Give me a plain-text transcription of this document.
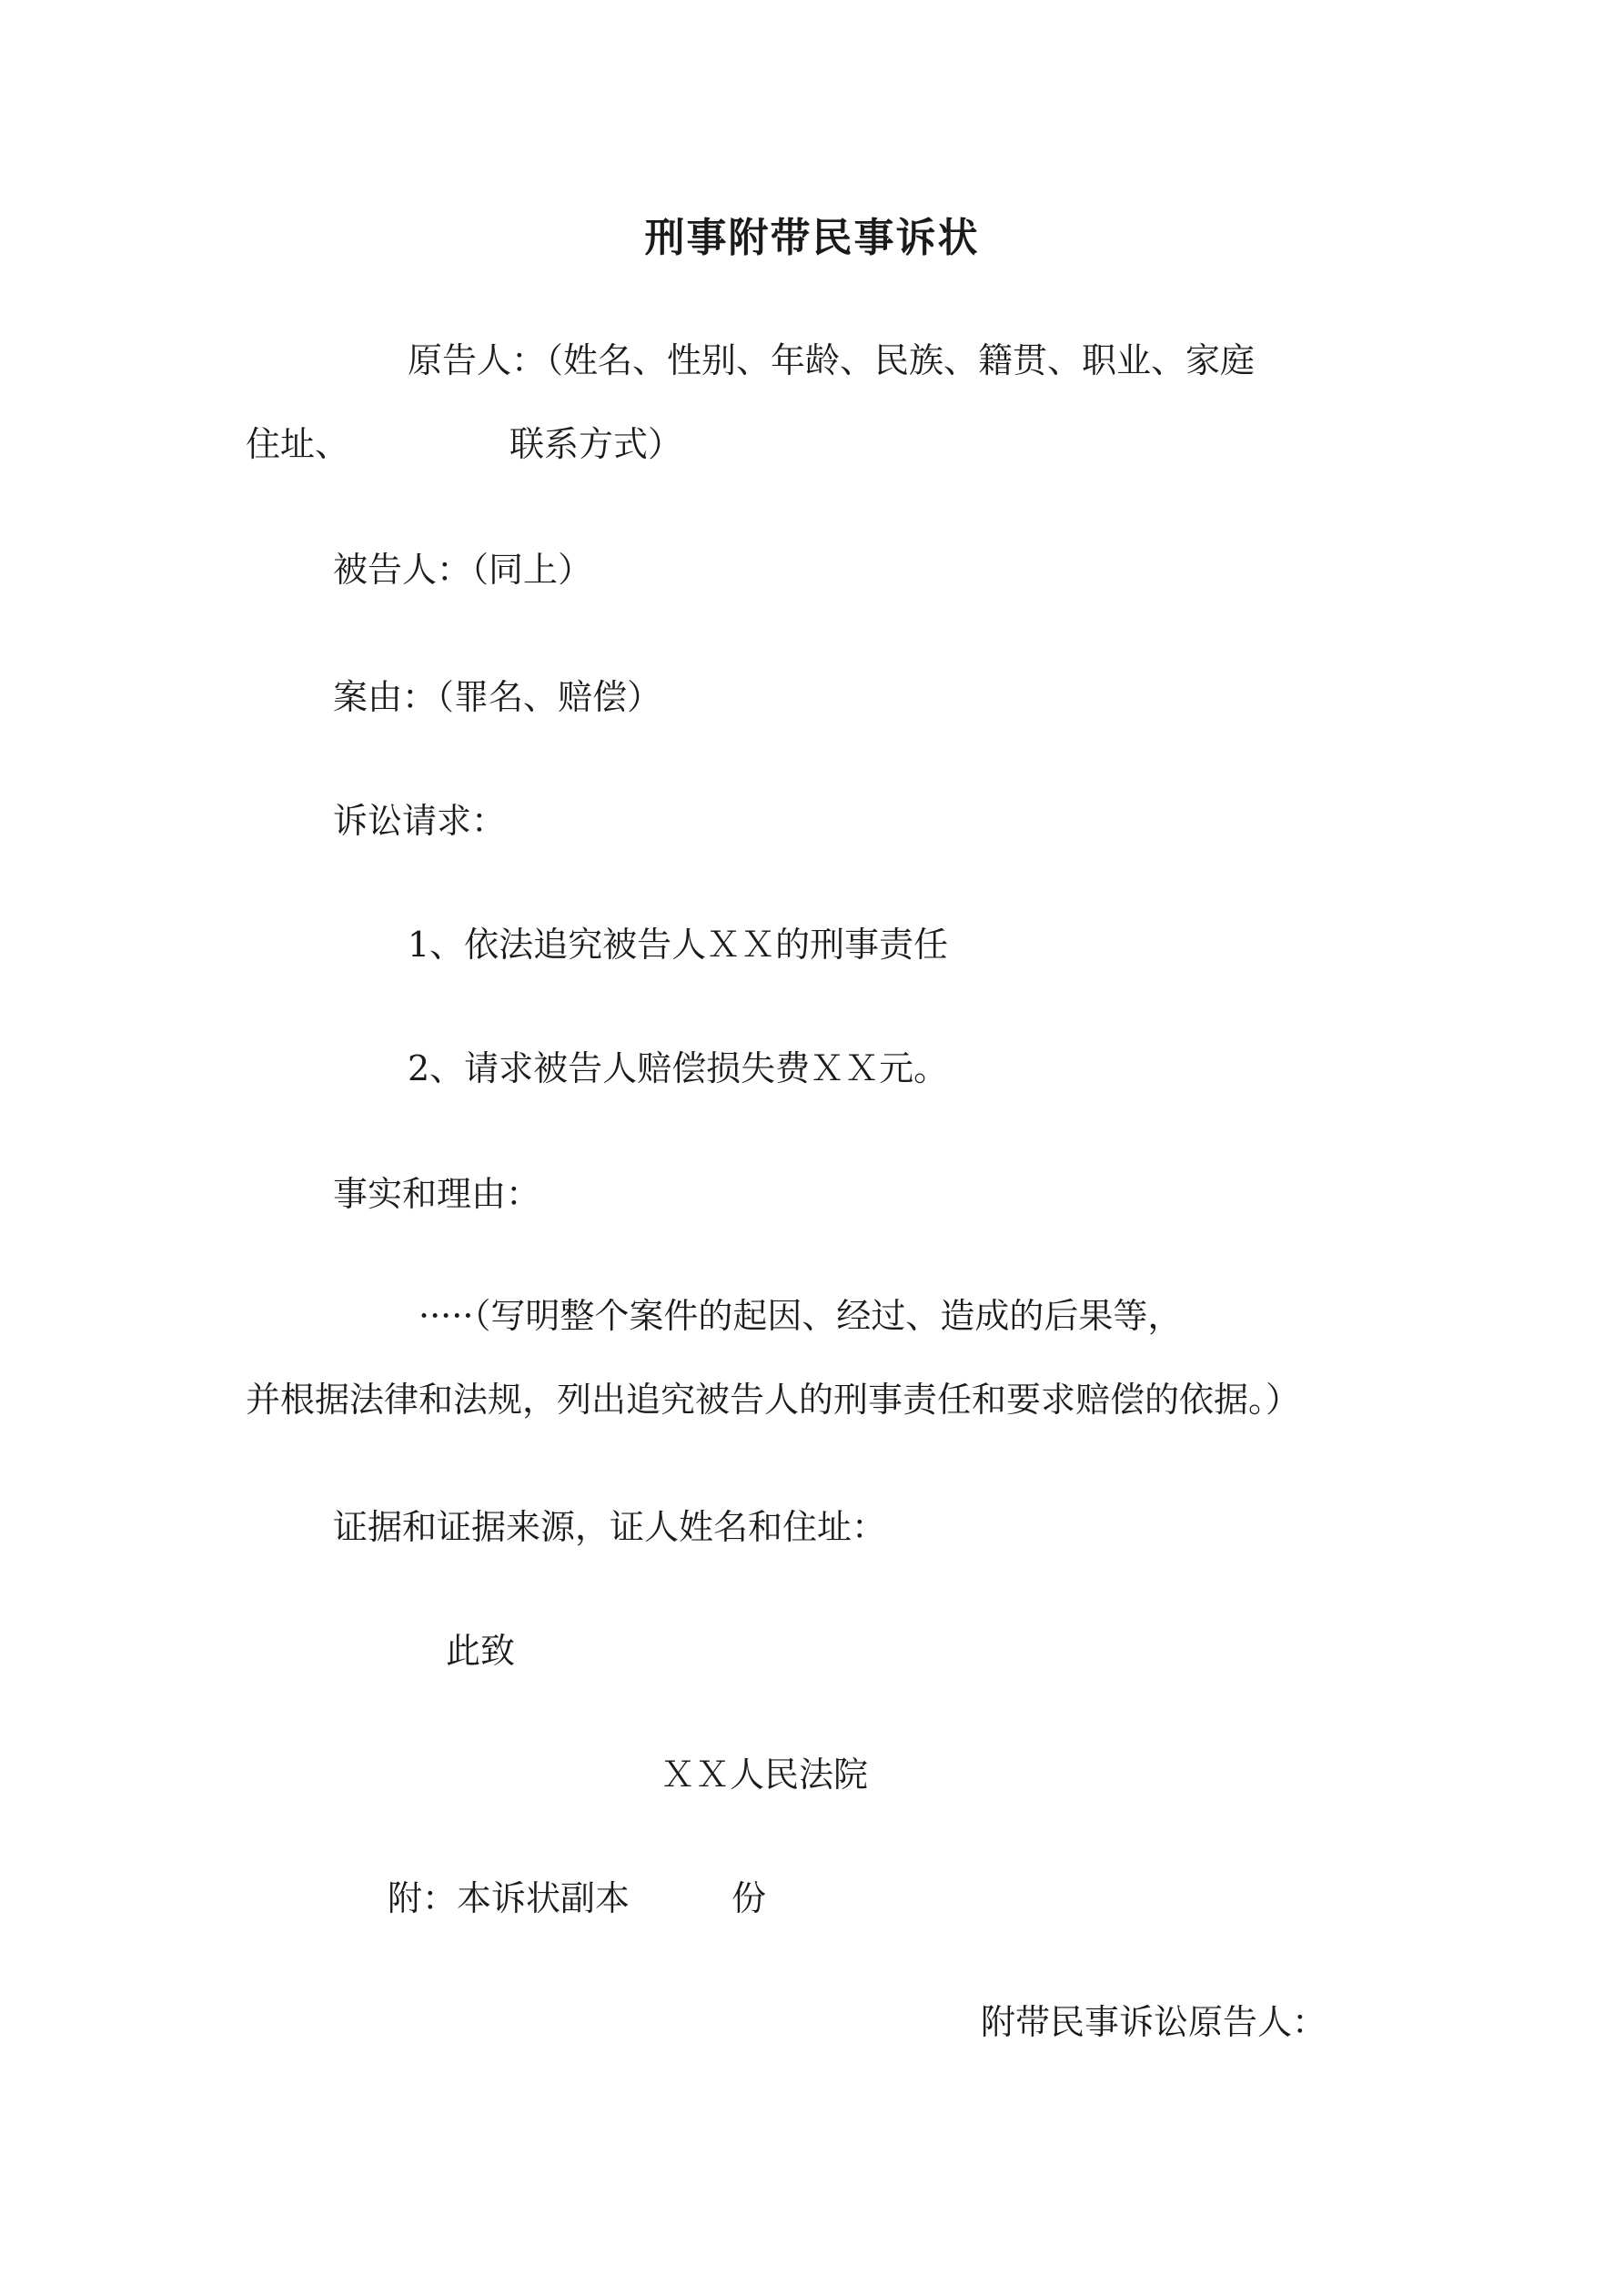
刑事附带民事诉状
原告人：（姓名、性别、年龄、民族、籍贯、职业、家庭
住址、	联系方式）
被告人：（同上）
案由：（罪名、赔偿）
诉讼请求：
1、依法追究被告人ＸＸ的刑事责任
2、请求被告人赔偿损失费ＸＸ元。
事实和理由：
·····（写明整个案件的起因、经过、造成的后果等，
并根据法律和法规，列出追究被告人的刑事责任和要求赔偿的依据。）
证据和证据来源，证人姓名和住址：
此致
ＸＸ人民法院
附：本诉状副本	份
附带民事诉讼原告人：
